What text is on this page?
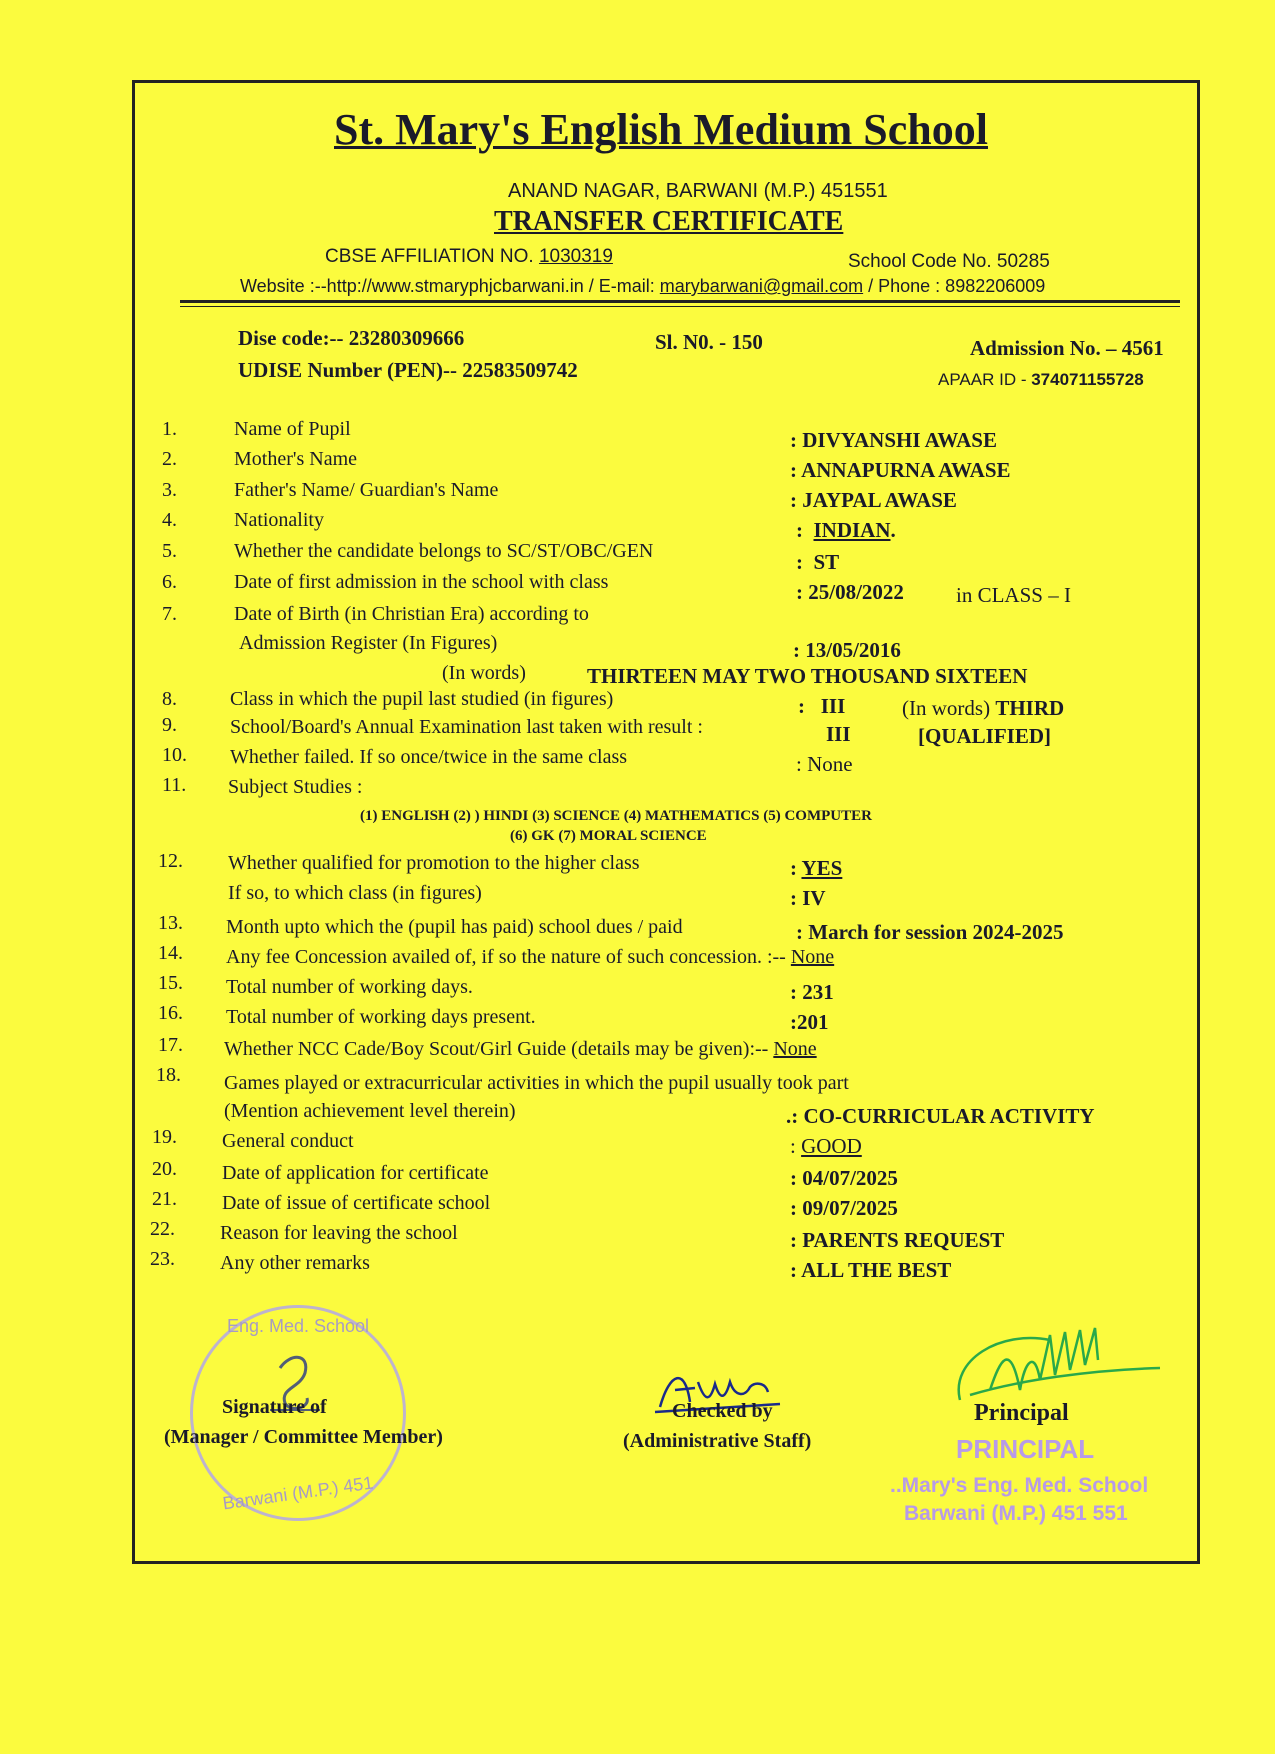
St. Mary's English Medium School
ANAND NAGAR, BARWANI (M.P.) 451551
TRANSFER CERTIFICATE
CBSE AFFILIATION NO. 1030319	School Code No. 50285
Website :--http://www.stmaryphjcbarwani.in / E-mail: marybarwani@gmail.com / Phone : 8982206009
Dise code:-- 23280309666
UDISE Number (PEN)-- 22583509742
Sl. N0. - 150	Admission No. – 4561
APAAR ID - 374071155728
1.	Name of Pupil	: DIVYANSHI AWASE
2.	Mother's Name	: ANNAPURNA AWASE
3.	Father's Name/ Guardian's Name	: JAYPAL AWASE
4.	Nationality	:  INDIAN.
5.	Whether the candidate belongs to SC/ST/OBC/GEN	:  ST
6.	Date of first admission in the school with class	: 25/08/2022 in CLASS – I
7.	Date of Birth (in Christian Era) according to
Admission Register (In Figures)	: 13/05/2016
(In words)	THIRTEEN MAY TWO THOUSAND SIXTEEN
8.	Class in which the pupil last studied (in figures)	:   III	(In words) THIRD
9.	School/Board's Annual Examination last taken with result :	III	[QUALIFIED]
10.	Whether failed. If so once/twice in the same class	: None
11.	Subject Studies :
(1) ENGLISH (2) ) HINDI (3) SCIENCE (4) MATHEMATICS (5) COMPUTER
(6) GK (7) MORAL SCIENCE
12.	Whether qualified for promotion to the higher class	: YES
If so, to which class (in figures)	: IV
13.	Month upto which the (pupil has paid) school dues / paid	: March for session 2024-2025
14.	Any fee Concession availed of, if so the nature of such concession. :-- None
15.	Total number of working days.	: 231
16.	Total number of working days present.	:201
17.	Whether NCC Cade/Boy Scout/Girl Guide (details may be given):-- None
18.	Games played or extracurricular activities in which the pupil usually took part
(Mention achievement level therein)	.: CO-CURRICULAR ACTIVITY
19.	General conduct	: GOOD
20.	Date of application for certificate	: 04/07/2025
21.	Date of issue of certificate school	: 09/07/2025
22.	Reason for leaving the school	: PARENTS REQUEST
23.	Any other remarks	: ALL THE BEST
Eng. Med. School
Barwani (M.P.) 451
Signature of
(Manager / Committee Member)
Checked by
(Administrative Staff)
Principal
PRINCIPAL
..Mary's Eng. Med. School
Barwani (M.P.) 451 551
